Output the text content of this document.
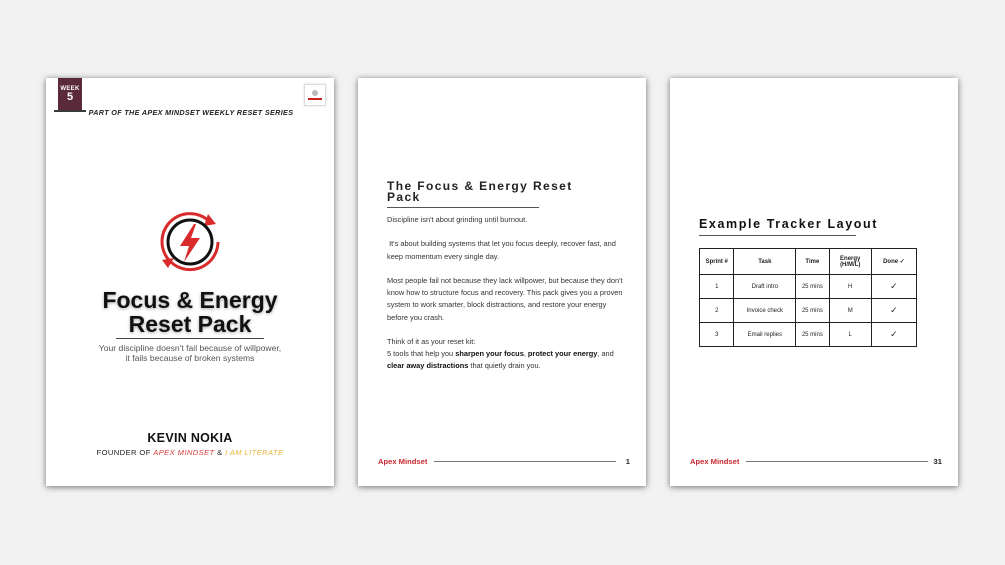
WEEK
5
PART OF THE APEX MINDSET WEEKLY RESET SERIES
Focus & Energy
Reset Pack
Your discipline doesn't fail because of willpower,
it fails because of broken systems
KEVIN NOKIA
FOUNDER OF APEX MINDSET & I AM LITERATE
The Focus & Energy Reset Pack

Discipline isn't about grinding until burnout.

It's about building systems that let you focus deeply, recover fast, and keep momentum every single day.

Most people fail not because they lack willpower, but because they don't know how to structure focus and recovery. This pack gives you a proven system to work smarter, block distractions, and restore your energy before you crash.

Think of it as your reset kit:
5 tools that help you sharpen your focus, protect your energy, and clear away distractions that quietly drain you.

Apex Mindset	1
Example Tracker Layout
Sprint #	Task	Time	Energy (H/M/L)	Done ✓
1	Draft intro	25 mins	H	✓
2	Invoice check	25 mins	M	✓
3	Email replies	25 mins	L	✓
Apex Mindset	31
